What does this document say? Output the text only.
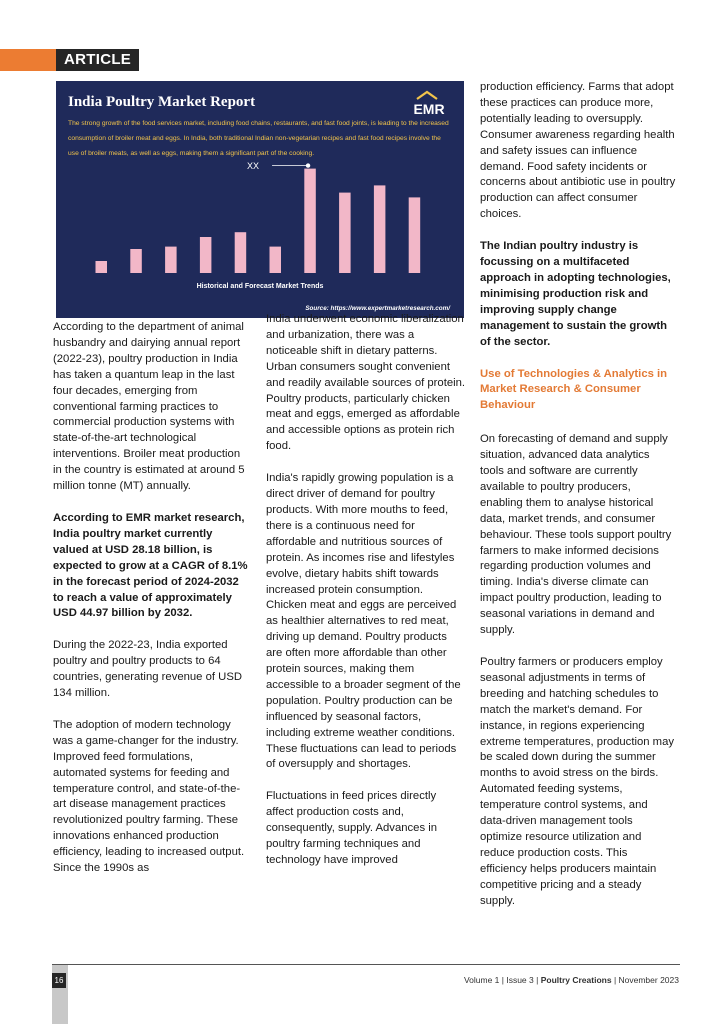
ARTICLE
XX
India Poultry Market Report	EMR
The strong growth of the food services market, including food chains, restaurants, and fast food joints, is leading to the increased consumption of broiler meat and eggs. In India, both traditional Indian non-vegetarian recipes and fast food recipes involve the use of broiler meats, as well as eggs, making them a significant part of the cooking.
Historical and Forecast Market Trends
Source: https://www.expertmarketresearch.com/

According to the department of animal husbandry and dairying annual report (2022-23), poultry production in India has taken a quantum leap in the last four decades, emerging from conventional farming practices to commercial production systems with state-of-the-art technological interventions. Broiler meat production in the country is estimated at around 5 million tonne (MT) annually.

According to EMR market research, India poultry market currently valued at USD 28.18 billion, is expected to grow at a CAGR of 8.1% in the forecast period of 2024-2032 to reach a value of approximately USD 44.97 billion by 2032.

During the 2022-23, India exported poultry and poultry products to 64 countries, generating revenue of USD 134 million.

The adoption of modern technology was a game-changer for the industry. Improved feed formulations, automated systems for feeding and temperature control, and state-of-the-art disease management practices revolutionized poultry farming. These innovations enhanced production efficiency, leading to increased output. Since the 1990s as

India underwent economic liberalization and urbanization, there was a noticeable shift in dietary patterns. Urban consumers sought convenient and readily available sources of protein. Poultry products, particularly chicken meat and eggs, emerged as affordable and accessible options as protein rich food.

India's rapidly growing population is a direct driver of demand for poultry products. With more mouths to feed, there is a continuous need for affordable and nutritious sources of protein. As incomes rise and lifestyles evolve, dietary habits shift towards increased protein consumption. Chicken meat and eggs are perceived as healthier alternatives to red meat, driving up demand. Poultry products are often more affordable than other protein sources, making them accessible to a broader segment of the population. Poultry production can be influenced by seasonal factors, including extreme weather conditions. These fluctuations can lead to periods of oversupply and shortages.

Fluctuations in feed prices directly affect production costs and, consequently, supply. Advances in poultry farming techniques and technology have improved

production efficiency. Farms that adopt these practices can produce more, potentially leading to oversupply. Consumer awareness regarding health and safety issues can influence demand. Food safety incidents or concerns about antibiotic use in poultry production can affect consumer choices.

The Indian poultry industry is focussing on a multifaceted approach in adopting technologies, minimising production risk and improving supply change management to sustain the growth of the sector.

Use of Technologies & Analytics in Market Research & Consumer Behaviour

On forecasting of demand and supply situation, advanced data analytics tools and software are currently available to poultry producers, enabling them to analyse historical data, market trends, and consumer behaviour. These tools support poultry farmers to make informed decisions regarding production volumes and timing. India's diverse climate can impact poultry production, leading to seasonal variations in demand and supply.

Poultry farmers or producers employ seasonal adjustments in terms of breeding and hatching schedules to match the market's demand. For instance, in regions experiencing extreme temperatures, production may be scaled down during the summer months to avoid stress on the birds. Automated feeding systems, temperature control systems, and data-driven management tools optimize resource utilization and reduce production costs. This efficiency helps producers maintain competitive pricing and a steady supply.

16	Volume 1 | Issue 3 | Poultry Creations | November 2023
